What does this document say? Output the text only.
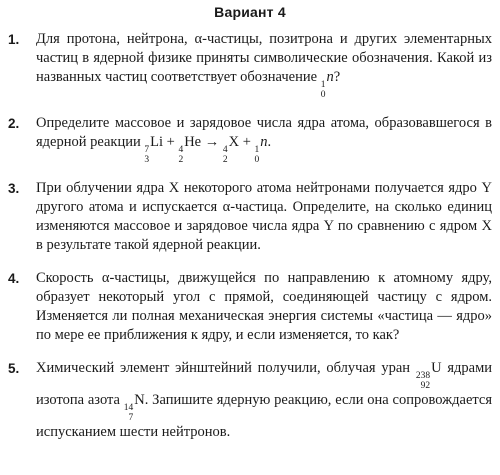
Вариант 4
1.	Для протона, нейтрона, α-частицы, позитрона и других элементарных частиц в ядерной физике приняты символические обозначения. Какой из названных частиц соответствует обозначение 1
0
n?
2.	Определите массовое и зарядовое числа ядра атома, образовавшегося в ядерной реакции 7
3
Li + 4
2
He → 4
2
X + 1
0
n.
3.	При облучении ядра X некоторого атома нейтронами получается ядро Y другого атома и испускается α-частица. Определите, на сколько единиц изменяются массовое и зарядовое числа ядра Y по сравнению с ядром X в результате такой ядерной реакции.
4.	Скорость α-частицы, движущейся по направлению к атомному ядру, образует некоторый угол с прямой, соединяющей частицу с ядром. Изменяется ли полная механическая энергия системы «частица — ядро» по мере ее приближения к ядру, и если изменяется, то как?
5.	Химический элемент эйнштейний получили, облучая уран 238
92
U ядрами изотопа азота 14
7
N. Запишите ядерную реакцию, если она сопровождается испусканием шести нейтронов.
